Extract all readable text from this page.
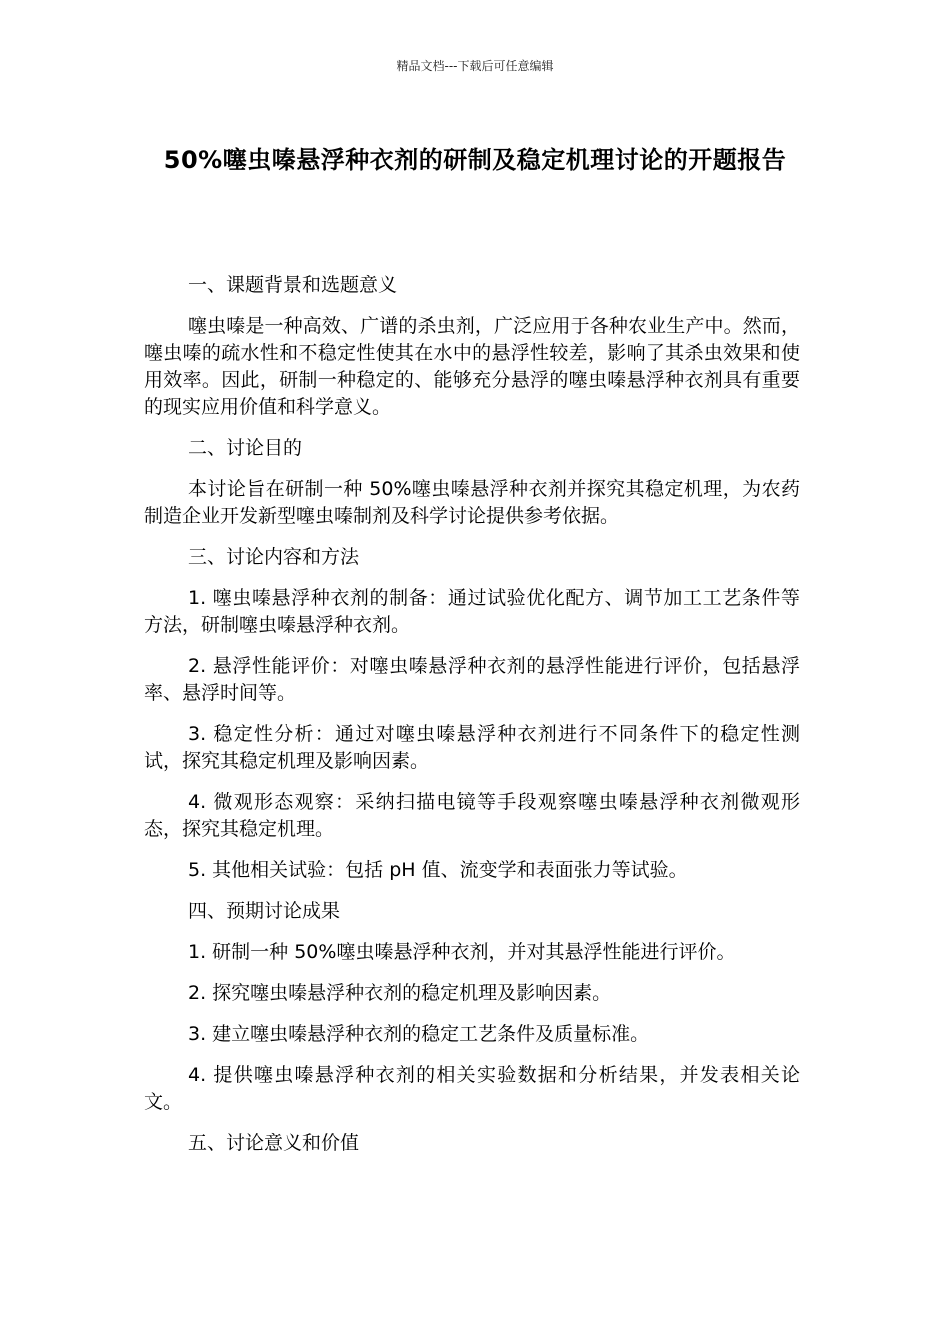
精品文档---下载后可任意编辑
50%噻虫嗪悬浮种衣剂的研制及稳定机理讨论的开题报告
一、课题背景和选题意义
噻虫嗪是一种高效、广谱的杀虫剂，广泛应用于各种农业生产中。然而，噻虫嗪的疏水性和不稳定性使其在水中的悬浮性较差，影响了其杀虫效果和使用效率。因此，研制一种稳定的、能够充分悬浮的噻虫嗪悬浮种衣剂具有重要的现实应用价值和科学意义。
二、讨论目的
本讨论旨在研制一种 50%噻虫嗪悬浮种衣剂并探究其稳定机理，为农药制造企业开发新型噻虫嗪制剂及科学讨论提供参考依据。
三、讨论内容和方法
1. 噻虫嗪悬浮种衣剂的制备：通过试验优化配方、调节加工工艺条件等方法，研制噻虫嗪悬浮种衣剂。
2. 悬浮性能评价：对噻虫嗪悬浮种衣剂的悬浮性能进行评价，包括悬浮率、悬浮时间等。
3. 稳定性分析：通过对噻虫嗪悬浮种衣剂进行不同条件下的稳定性测试，探究其稳定机理及影响因素。
4. 微观形态观察：采纳扫描电镜等手段观察噻虫嗪悬浮种衣剂微观形态，探究其稳定机理。
5. 其他相关试验：包括 pH 值、流变学和表面张力等试验。
四、预期讨论成果
1. 研制一种 50%噻虫嗪悬浮种衣剂，并对其悬浮性能进行评价。
2. 探究噻虫嗪悬浮种衣剂的稳定机理及影响因素。
3. 建立噻虫嗪悬浮种衣剂的稳定工艺条件及质量标准。
4. 提供噻虫嗪悬浮种衣剂的相关实验数据和分析结果，并发表相关论文。
五、讨论意义和价值
